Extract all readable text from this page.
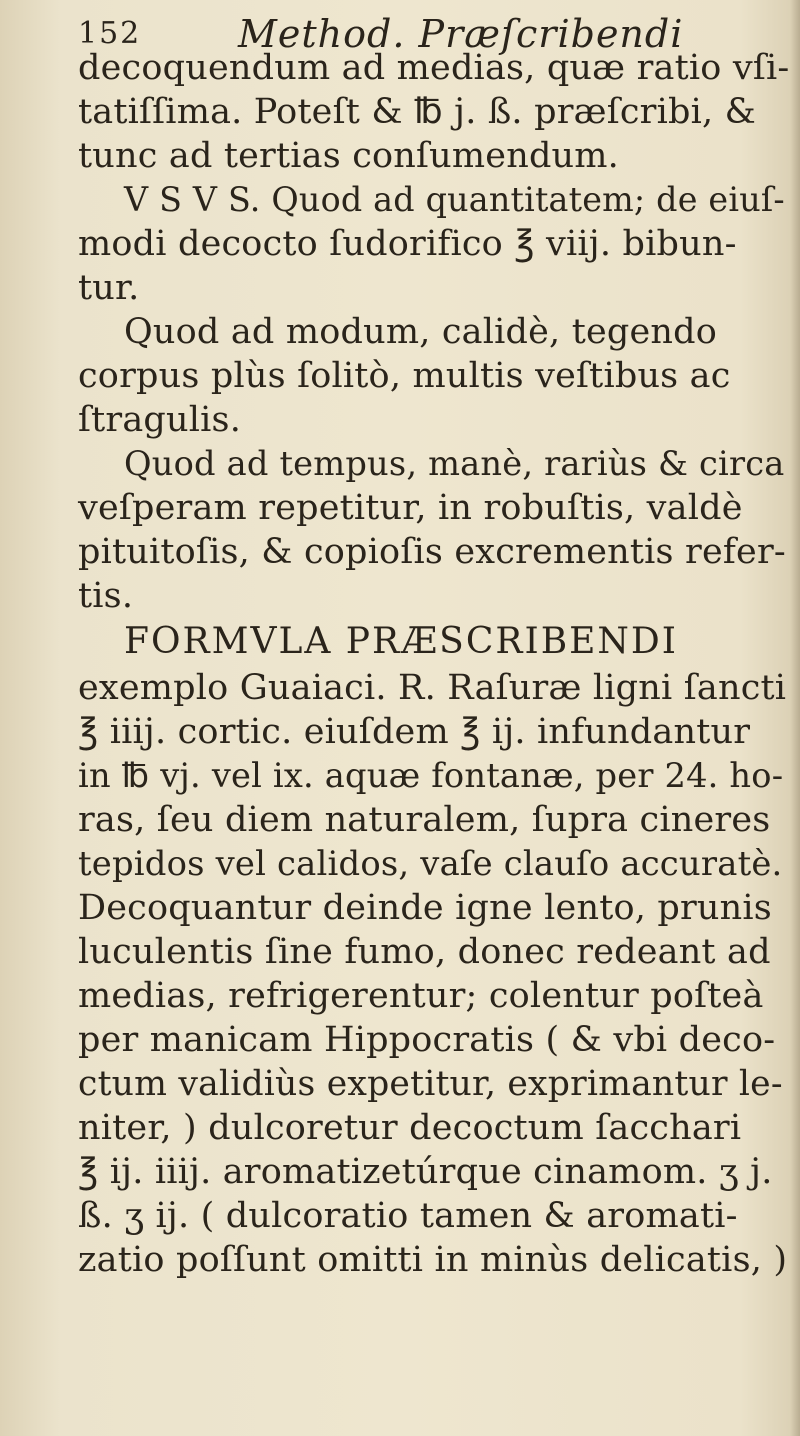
152	Method. Præſcribendi
decoquendum ad medias, quæ ratio vſi-
tatiſſima. Poteſt & ℔ j. ß. præſcribi, &
tunc ad tertias conſumendum.
V S V S. Quod ad quantitatem; de eiuſ-
modi decocto ſudorifico ℥ viij. bibun-
tur.
Quod ad modum, calidè, tegendo
corpus plùs ſolitò, multis veſtibus ac
ſtragulis.
Quod ad tempus, manè, rariùs & circa
veſperam repetitur, in robuſtis, valdè
pituitoſis, & copioſis excrementis refer-
tis.
FORMVLA PRÆSCRIBENDI
exemplo Guaiaci. R. Raſuræ ligni ſancti
℥ iiij. cortic. eiuſdem ℥ ij. infundantur
in ℔ vj. vel ix. aquæ fontanæ, per 24. ho-
ras, ſeu diem naturalem, ſupra cineres
tepidos vel calidos, vaſe clauſo accuratè.
Decoquantur deinde igne lento, prunis
luculentis ſine fumo, donec redeant ad
medias, refrigerentur; colentur poſteà
per manicam Hippocratis ( & vbi deco-
ctum validiùs expetitur, exprimantur le-
niter, ) dulcoretur decoctum ſacchari
℥ ij. iiij. aromatizetúrque cinamom. ʒ j.
ß. ʒ ij. ( dulcoratio tamen & aromati-
zatio poſſunt omitti in minùs delicatis, )
